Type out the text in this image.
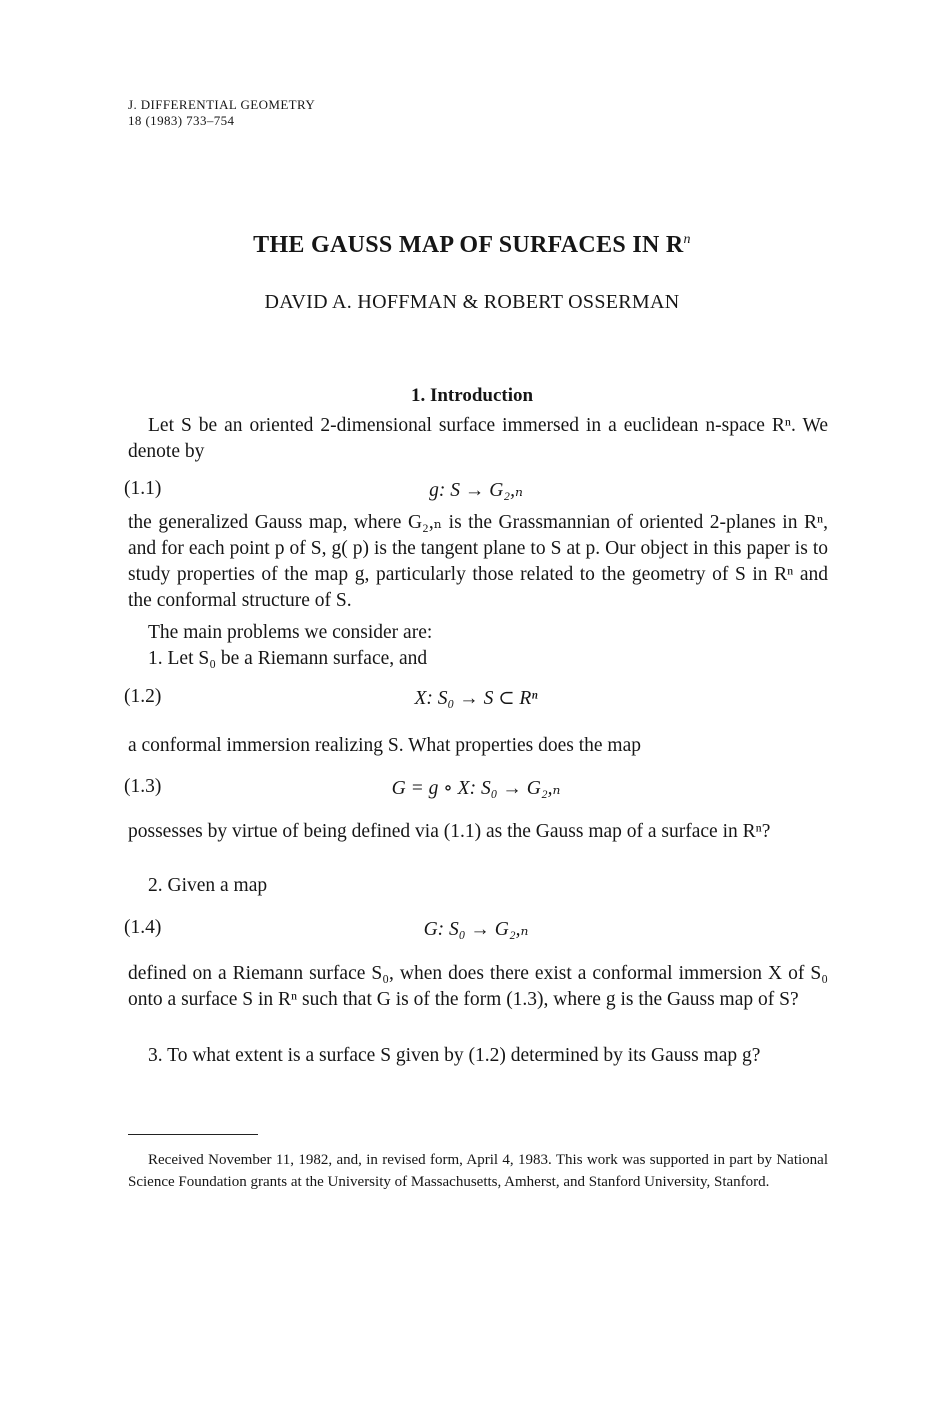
J. DIFFERENTIAL GEOMETRY
18 (1983) 733–754
THE GAUSS MAP OF SURFACES IN $R^n$
DAVID A. HOFFMAN & ROBERT OSSERMAN
1. Introduction

Let S be an oriented 2-dimensional surface immersed in a euclidean n-space Rⁿ. We denote by

g: S → G₂,ₙ
(1.1)

the generalized Gauss map, where G₂,ₙ is the Grassmannian of oriented 2-planes in Rⁿ, and for each point p of S, g( p) is the tangent plane to S at p. Our object in this paper is to study properties of the map g, particularly those related to the geometry of S in Rⁿ and the conformal structure of S.

The main problems we consider are:

1. Let S₀ be a Riemann surface, and

X: S₀ → S ⊂ Rⁿ
(1.2)

a conformal immersion realizing S. What properties does the map

G = g ∘ X: S₀ → G₂,ₙ
(1.3)

possesses by virtue of being defined via (1.1) as the Gauss map of a surface in Rⁿ?

2. Given a map

G: S₀ → G₂,ₙ
(1.4)

defined on a Riemann surface S₀, when does there exist a conformal immersion X of S₀ onto a surface S in Rⁿ such that G is of the form (1.3), where g is the Gauss map of S?

3. To what extent is a surface S given by (1.2) determined by its Gauss map g?

Received November 11, 1982, and, in revised form, April 4, 1983. This work was supported in part by National Science Foundation grants at the University of Massachusetts, Amherst, and Stanford University, Stanford.
